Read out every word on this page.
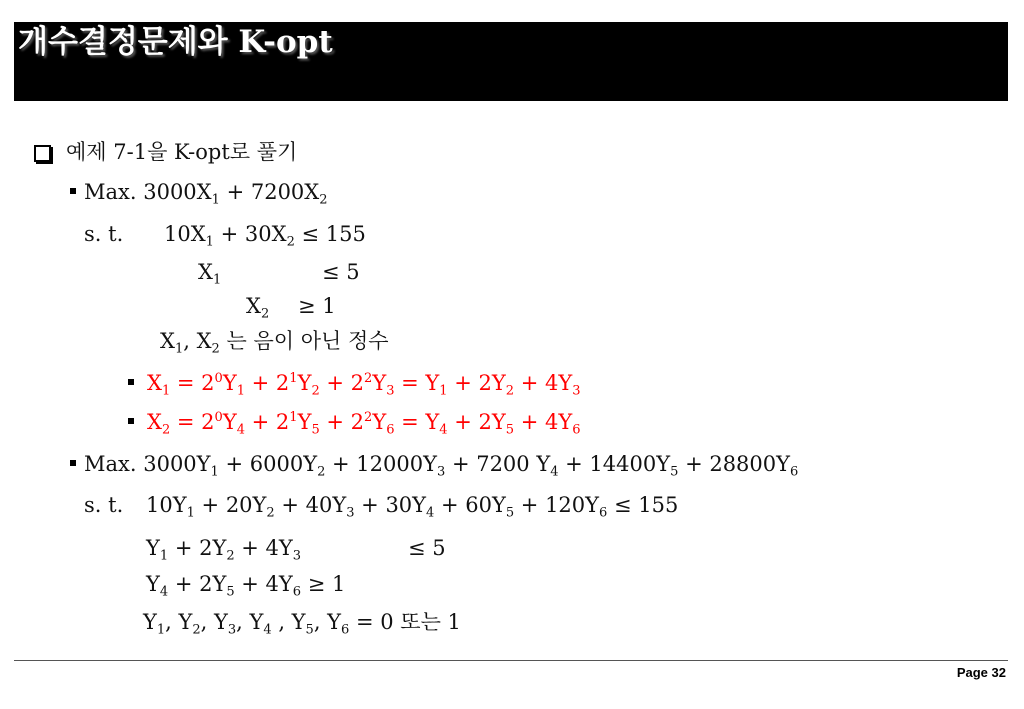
개수결정문제와 K-opt
예제 7-1을 K-opt로 풀기
Max. $3000X_1 + 7200X_2$
s. t. $10X_1 + 30X_2 \le 155$
$X_1$	≤ 5
$X_2 \ge 1$
$X_1$, $X_2$ 는 음이 아닌 정수
$X_1 = 2^0Y_1 + 2^1Y_2 + 2^2Y_3 = Y_1 + 2Y_2 + 4Y_3$
$X_2 = 2^0Y_4 + 2^1Y_5 + 2^2Y_6 = Y_4 + 2Y_5 + 4Y_6$
Max. $3000Y_1 + 6000Y_2 + 12000Y_3 + 7200$ $Y_4 + 14400Y_5 + 28800Y_6$
s. t. $10Y_1 + 20Y_2 + 40Y_3 + 30Y_4 + 60Y_5 + 120Y_6 \le 155$
$Y_1 + 2Y_2 + 4Y_3$	≤ 5
$Y_4 + 2Y_5 + 4Y_6 \ge 1$
$Y_1$, $Y_2$, $Y_3$, $Y_4$ , $Y_5$, $Y_6 = 0$ 또는 1
Page 32
